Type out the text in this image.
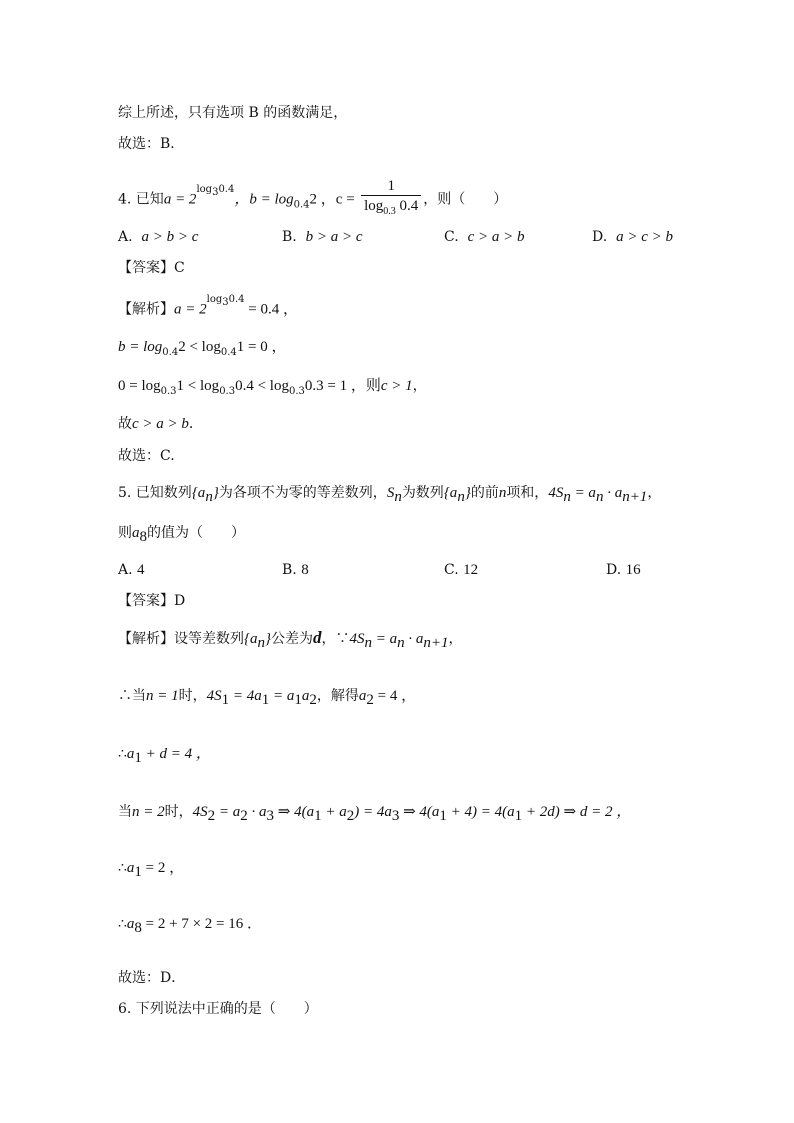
综上所述，只有选项 B 的函数满足，
故选：B．
4. 已知$a = 2^{log_30.4}$，$b = \log_{0.4}2$ ，$c = \frac{1}{\log_{0.3} 0.4}$ ，则（　　）
A. a > b > c	B. b > a > c	C. c > a > b	D. a > c > b
【答案】C
【解析】$a = 2^{log_30.4} = 0.4$ ，
$b = \log_{0.4}2 < \log_{0.4}1 = 0$ ，
$0 = \log_{0.3}1 < \log_{0.3}0.4 < \log_{0.3}0.3 = 1$ ，则c > 1，
故c > a > b．
故选：C.
5. 已知数列$\{a_n\}$为各项不为零的等差数列，$S_n$为数列$\{a_n\}$的前n项和，$4S_n = a_n \cdot a_{n+1}$，
则$a_8$的值为（　　）
A. 4	B. 8	C. 12	D. 16
【答案】D
【解析】设等差数列$\{a_n\}$公差为d，$\because 4S_n = a_n \cdot a_{n+1}$，
∴当n = 1时，$4S_1 = 4a_1 = a_1a_2$，解得$a_2 = 4$ ，
$\therefore a_1 + d = 4$ ，
当n = 2时，$4S_2 = a_2 \cdot a_3$ ⇒ $4(a_1 + a_2) = 4a_3$ ⇒ $4(a_1 + 4) = 4(a_1 + 2d)$ ⇒ d = 2 ，
$\therefore a_1 = 2$ ，
$\therefore a_8 = 2 + 7 \times 2 = 16$ ．
故选：D．
6. 下列说法中正确的是（　　）
